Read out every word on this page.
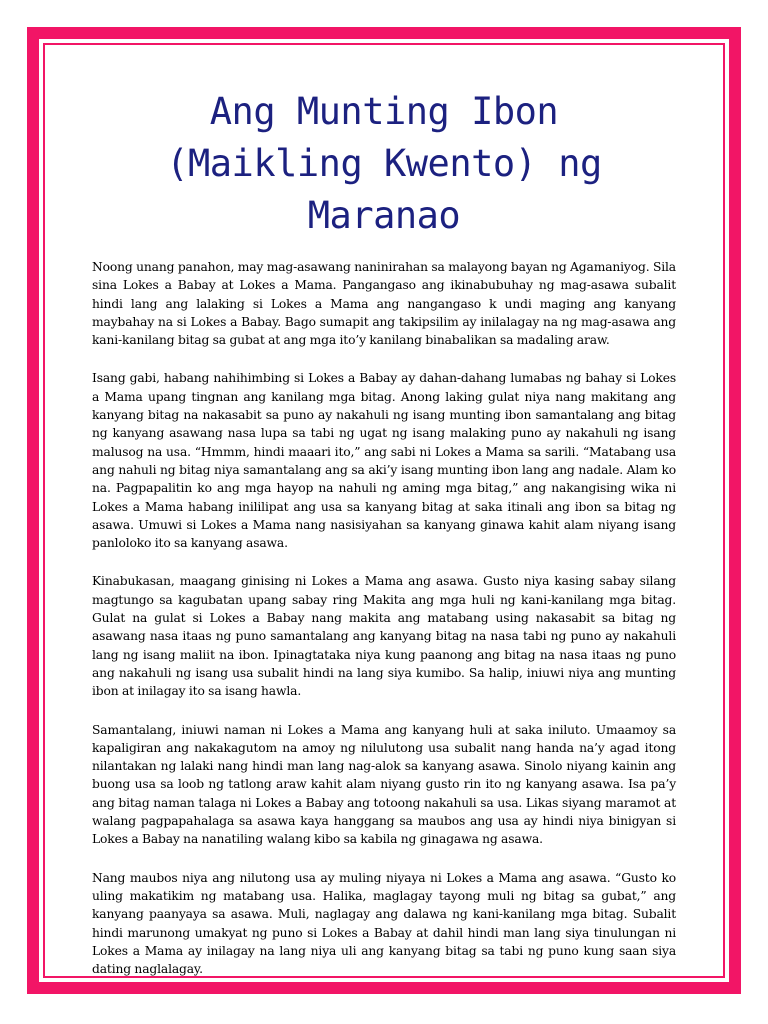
Ang Munting Ibon
(Maikling Kwento) ng
Maranao

Noong unang panahon, may mag-asawang naninirahan sa malayong bayan ng Agamaniyog. Sila sina Lokes a Babay at Lokes a Mama. Pangangaso ang ikinabubuhay ng mag-asawa subalit hindi lang ang lalaking si Lokes a Mama ang nangangaso k undi maging ang kanyang maybahay na si Lokes a Babay. Bago sumapit ang takipsilim ay inilalagay na ng mag-asawa ang kani-kanilang bitag sa gubat at ang mga ito’y kanilang binabalikan sa madaling araw.

Isang gabi, habang nahihimbing si Lokes a Babay ay dahan-dahang lumabas ng bahay si Lokes a Mama upang tingnan ang kanilang mga bitag. Anong laking gulat niya nang makitang ang kanyang bitag na nakasabit sa puno ay nakahuli ng isang munting ibon samantalang ang bitag ng kanyang asawang nasa lupa sa tabi ng ugat ng isang malaking puno ay nakahuli ng isang malusog na usa. “Hmmm, hindi maaari ito,” ang sabi ni Lokes a Mama sa sarili. “Matabang usa ang nahuli ng bitag niya samantalang ang sa aki’y isang munting ibon lang ang nadale. Alam ko na. Pagpapalitin ko ang mga hayop na nahuli ng aming mga bitag,” ang nakangising wika ni Lokes a Mama habang inililipat ang usa sa kanyang bitag at saka itinali ang ibon sa bitag ng asawa. Umuwi si Lokes a Mama nang nasisiyahan sa kanyang ginawa kahit alam niyang isang panloloko ito sa kanyang asawa.

Kinabukasan, maagang ginising ni Lokes a Mama ang asawa. Gusto niya kasing sabay silang magtungo sa kagubatan upang sabay ring Makita ang mga huli ng kani-kanilang mga bitag. Gulat na gulat si Lokes a Babay nang makita ang matabang using nakasabit sa bitag ng asawang nasa itaas ng puno samantalang ang kanyang bitag na nasa tabi ng puno ay nakahuli lang ng isang maliit na ibon. Ipinagtataka niya kung paanong ang bitag na nasa itaas ng puno ang nakahuli ng isang usa subalit hindi na lang siya kumibo. Sa halip, iniuwi niya ang munting ibon at inilagay ito sa isang hawla.

Samantalang, iniuwi naman ni Lokes a Mama ang kanyang huli at saka iniluto. Umaamoy sa kapaligiran ang nakakagutom na amoy ng nilulutong usa subalit nang handa na’y agad itong nilantakan ng lalaki nang hindi man lang nag-alok sa kanyang asawa. Sinolo niyang kainin ang buong usa sa loob ng tatlong araw kahit alam niyang gusto rin ito ng kanyang asawa. Isa pa’y ang bitag naman talaga ni Lokes a Babay ang totoong nakahuli sa usa. Likas siyang maramot at walang pagpapahalaga sa asawa kaya hanggang sa maubos ang usa ay hindi niya binigyan si Lokes a Babay na nanatiling walang kibo sa kabila ng ginagawa ng asawa.

Nang maubos niya ang nilutong usa ay muling niyaya ni Lokes a Mama ang asawa. “Gusto ko uling makatikim ng matabang usa. Halika, maglagay tayong muli ng bitag sa gubat,” ang kanyang paanyaya sa asawa. Muli, naglagay ang dalawa ng kani-kanilang mga bitag. Subalit hindi marunong umakyat ng puno si Lokes a Babay at dahil hindi man lang siya tinulungan ni Lokes a Mama ay inilagay na lang niya uli ang kanyang bitag sa tabi ng puno kung saan siya dating naglalagay.
